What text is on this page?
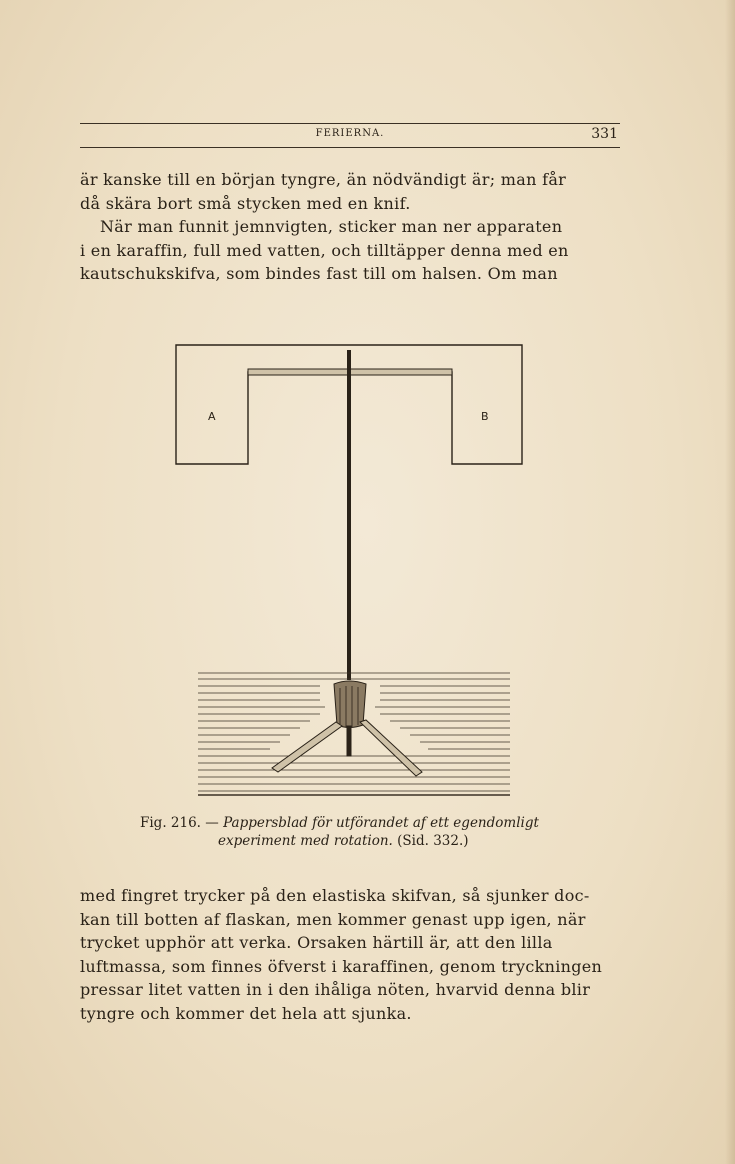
FERIERNA.	331
är kanske till en början tyngre, än nödvändigt är; man får
då skära bort små stycken med en knif.
När man funnit jemnvigten, sticker man ner apparaten
i en karaffin, full med vatten, och tilltäpper denna med en
kautschukskifva, som bindes fast till om halsen. Om man
A	B
Fig. 216. — Pappersblad för utförandet af ett egendomligt
experiment med rotation. (Sid. 332.)
med fingret trycker på den elastiska skifvan, så sjunker doc-
kan till botten af flaskan, men kommer genast upp igen, när
trycket upphör att verka. Orsaken härtill är, att den lilla
luftmassa, som finnes öfverst i karaffinen, genom tryckningen
pressar litet vatten in i den ihåliga nöten, hvarvid denna blir
tyngre och kommer det hela att sjunka.
